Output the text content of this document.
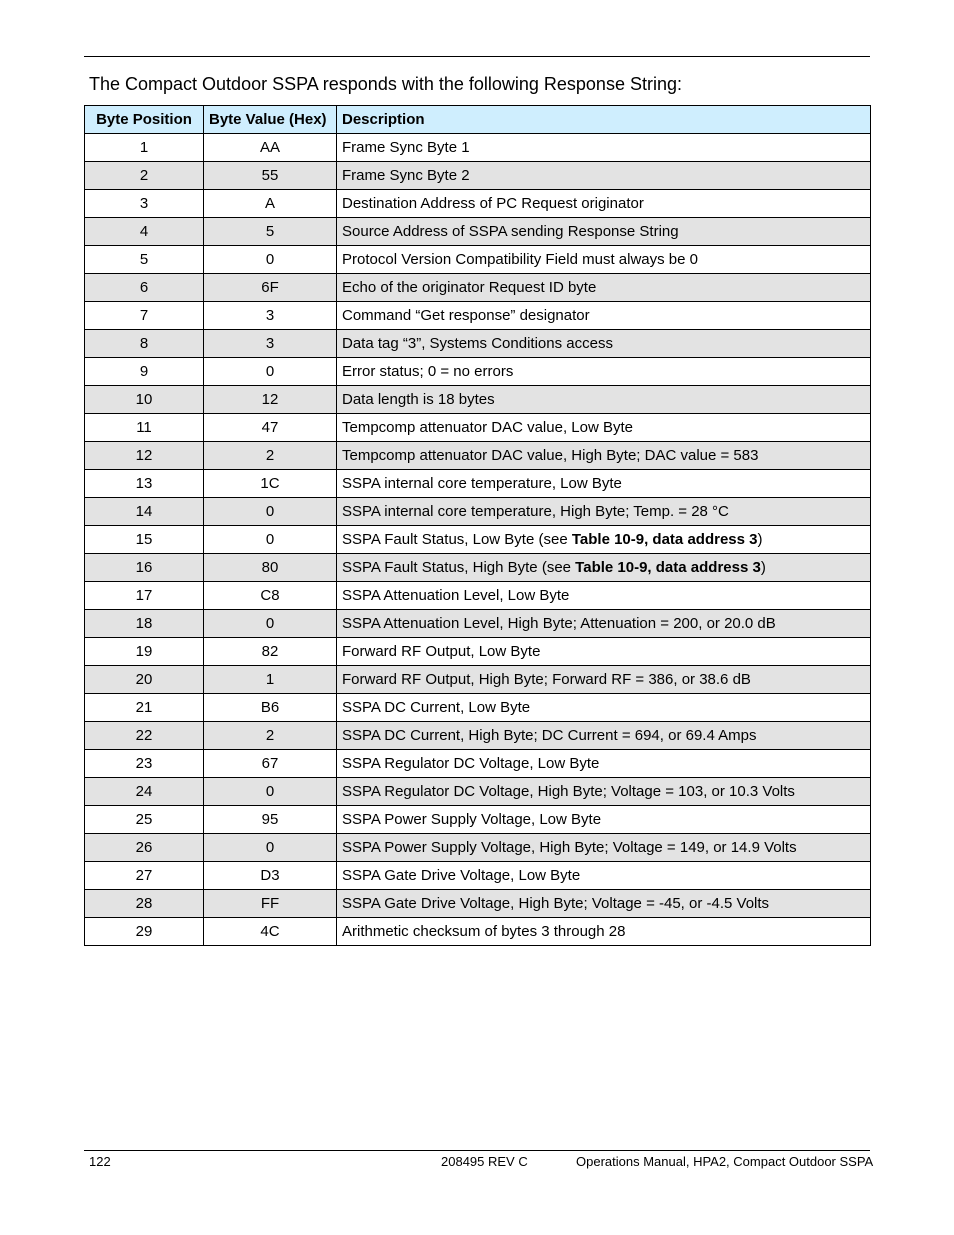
The Compact Outdoor SSPA responds with the following Response String:
Byte Position	Byte Value (Hex)	Description
1	AA	Frame Sync Byte 1
2	55	Frame Sync Byte 2
3	A	Destination Address of PC Request originator
4	5	Source Address of SSPA sending Response String
5	0	Protocol Version Compatibility Field must always be 0
6	6F	Echo of the originator Request ID byte
7	3	Command “Get response” designator
8	3	Data tag “3”, Systems Conditions access
9	0	Error status; 0 = no errors
10	12	Data length is 18 bytes
11	47	Tempcomp attenuator DAC value, Low Byte
12	2	Tempcomp attenuator DAC value, High Byte; DAC value = 583
13	1C	SSPA internal core temperature, Low Byte
14	0	SSPA internal core temperature, High Byte; Temp. = 28 °C
15	0	SSPA Fault Status, Low Byte (see Table 10-9, data address 3)
16	80	SSPA Fault Status, High Byte (see Table 10-9, data address 3)
17	C8	SSPA Attenuation Level, Low Byte
18	0	SSPA Attenuation Level, High Byte; Attenuation = 200, or 20.0 dB
19	82	Forward RF Output, Low Byte
20	1	Forward RF Output, High Byte; Forward RF = 386, or 38.6 dB
21	B6	SSPA DC Current, Low Byte
22	2	SSPA DC Current, High Byte; DC Current = 694, or 69.4 Amps
23	67	SSPA Regulator DC Voltage, Low Byte
24	0	SSPA Regulator DC Voltage, High Byte; Voltage = 103, or 10.3 Volts
25	95	SSPA Power Supply Voltage, Low Byte
26	0	SSPA Power Supply Voltage, High Byte; Voltage = 149, or 14.9 Volts
27	D3	SSPA Gate Drive Voltage, Low Byte
28	FF	SSPA Gate Drive Voltage, High Byte; Voltage = -45, or -4.5 Volts
29	4C	Arithmetic checksum of bytes 3 through 28
122	208495 REV C	Operations Manual, HPA2, Compact Outdoor SSPA
